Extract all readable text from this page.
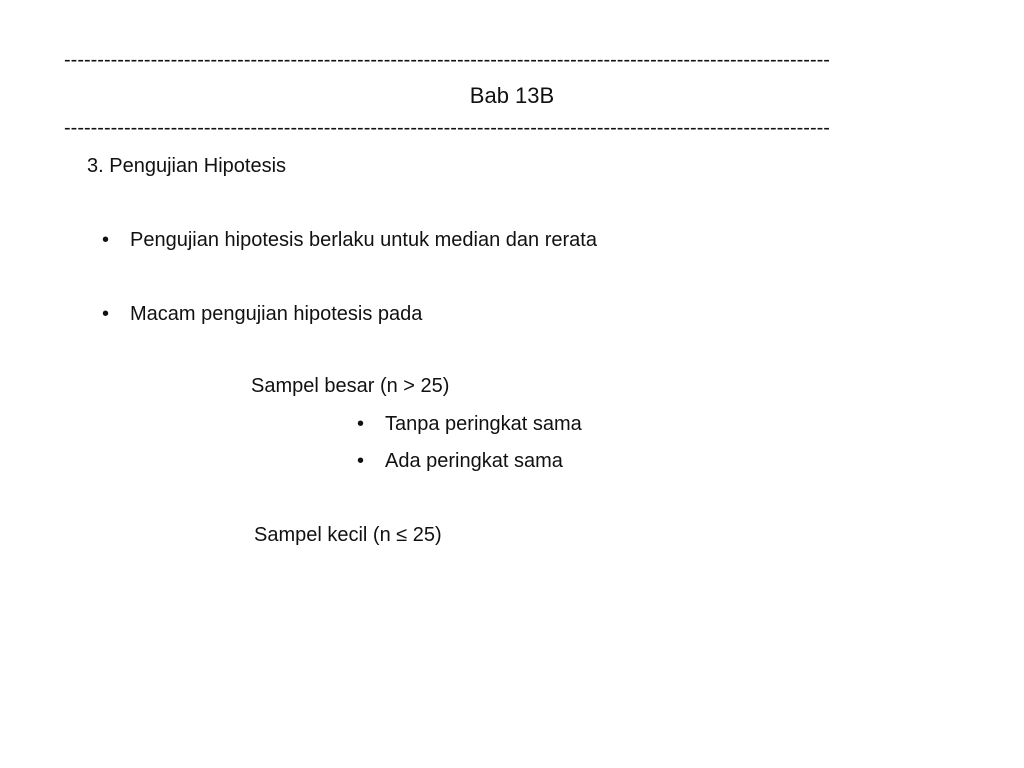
-------------------------------------------------------------------------------------------------------------------
Bab 13B
-------------------------------------------------------------------------------------------------------------------
3. Pengujian Hipotesis
•	Pengujian hipotesis berlaku untuk median dan rerata
•	Macam pengujian hipotesis pada
Sampel besar (n > 25)
•	Tanpa peringkat sama
•	Ada peringkat sama
Sampel kecil (n ≤ 25)
